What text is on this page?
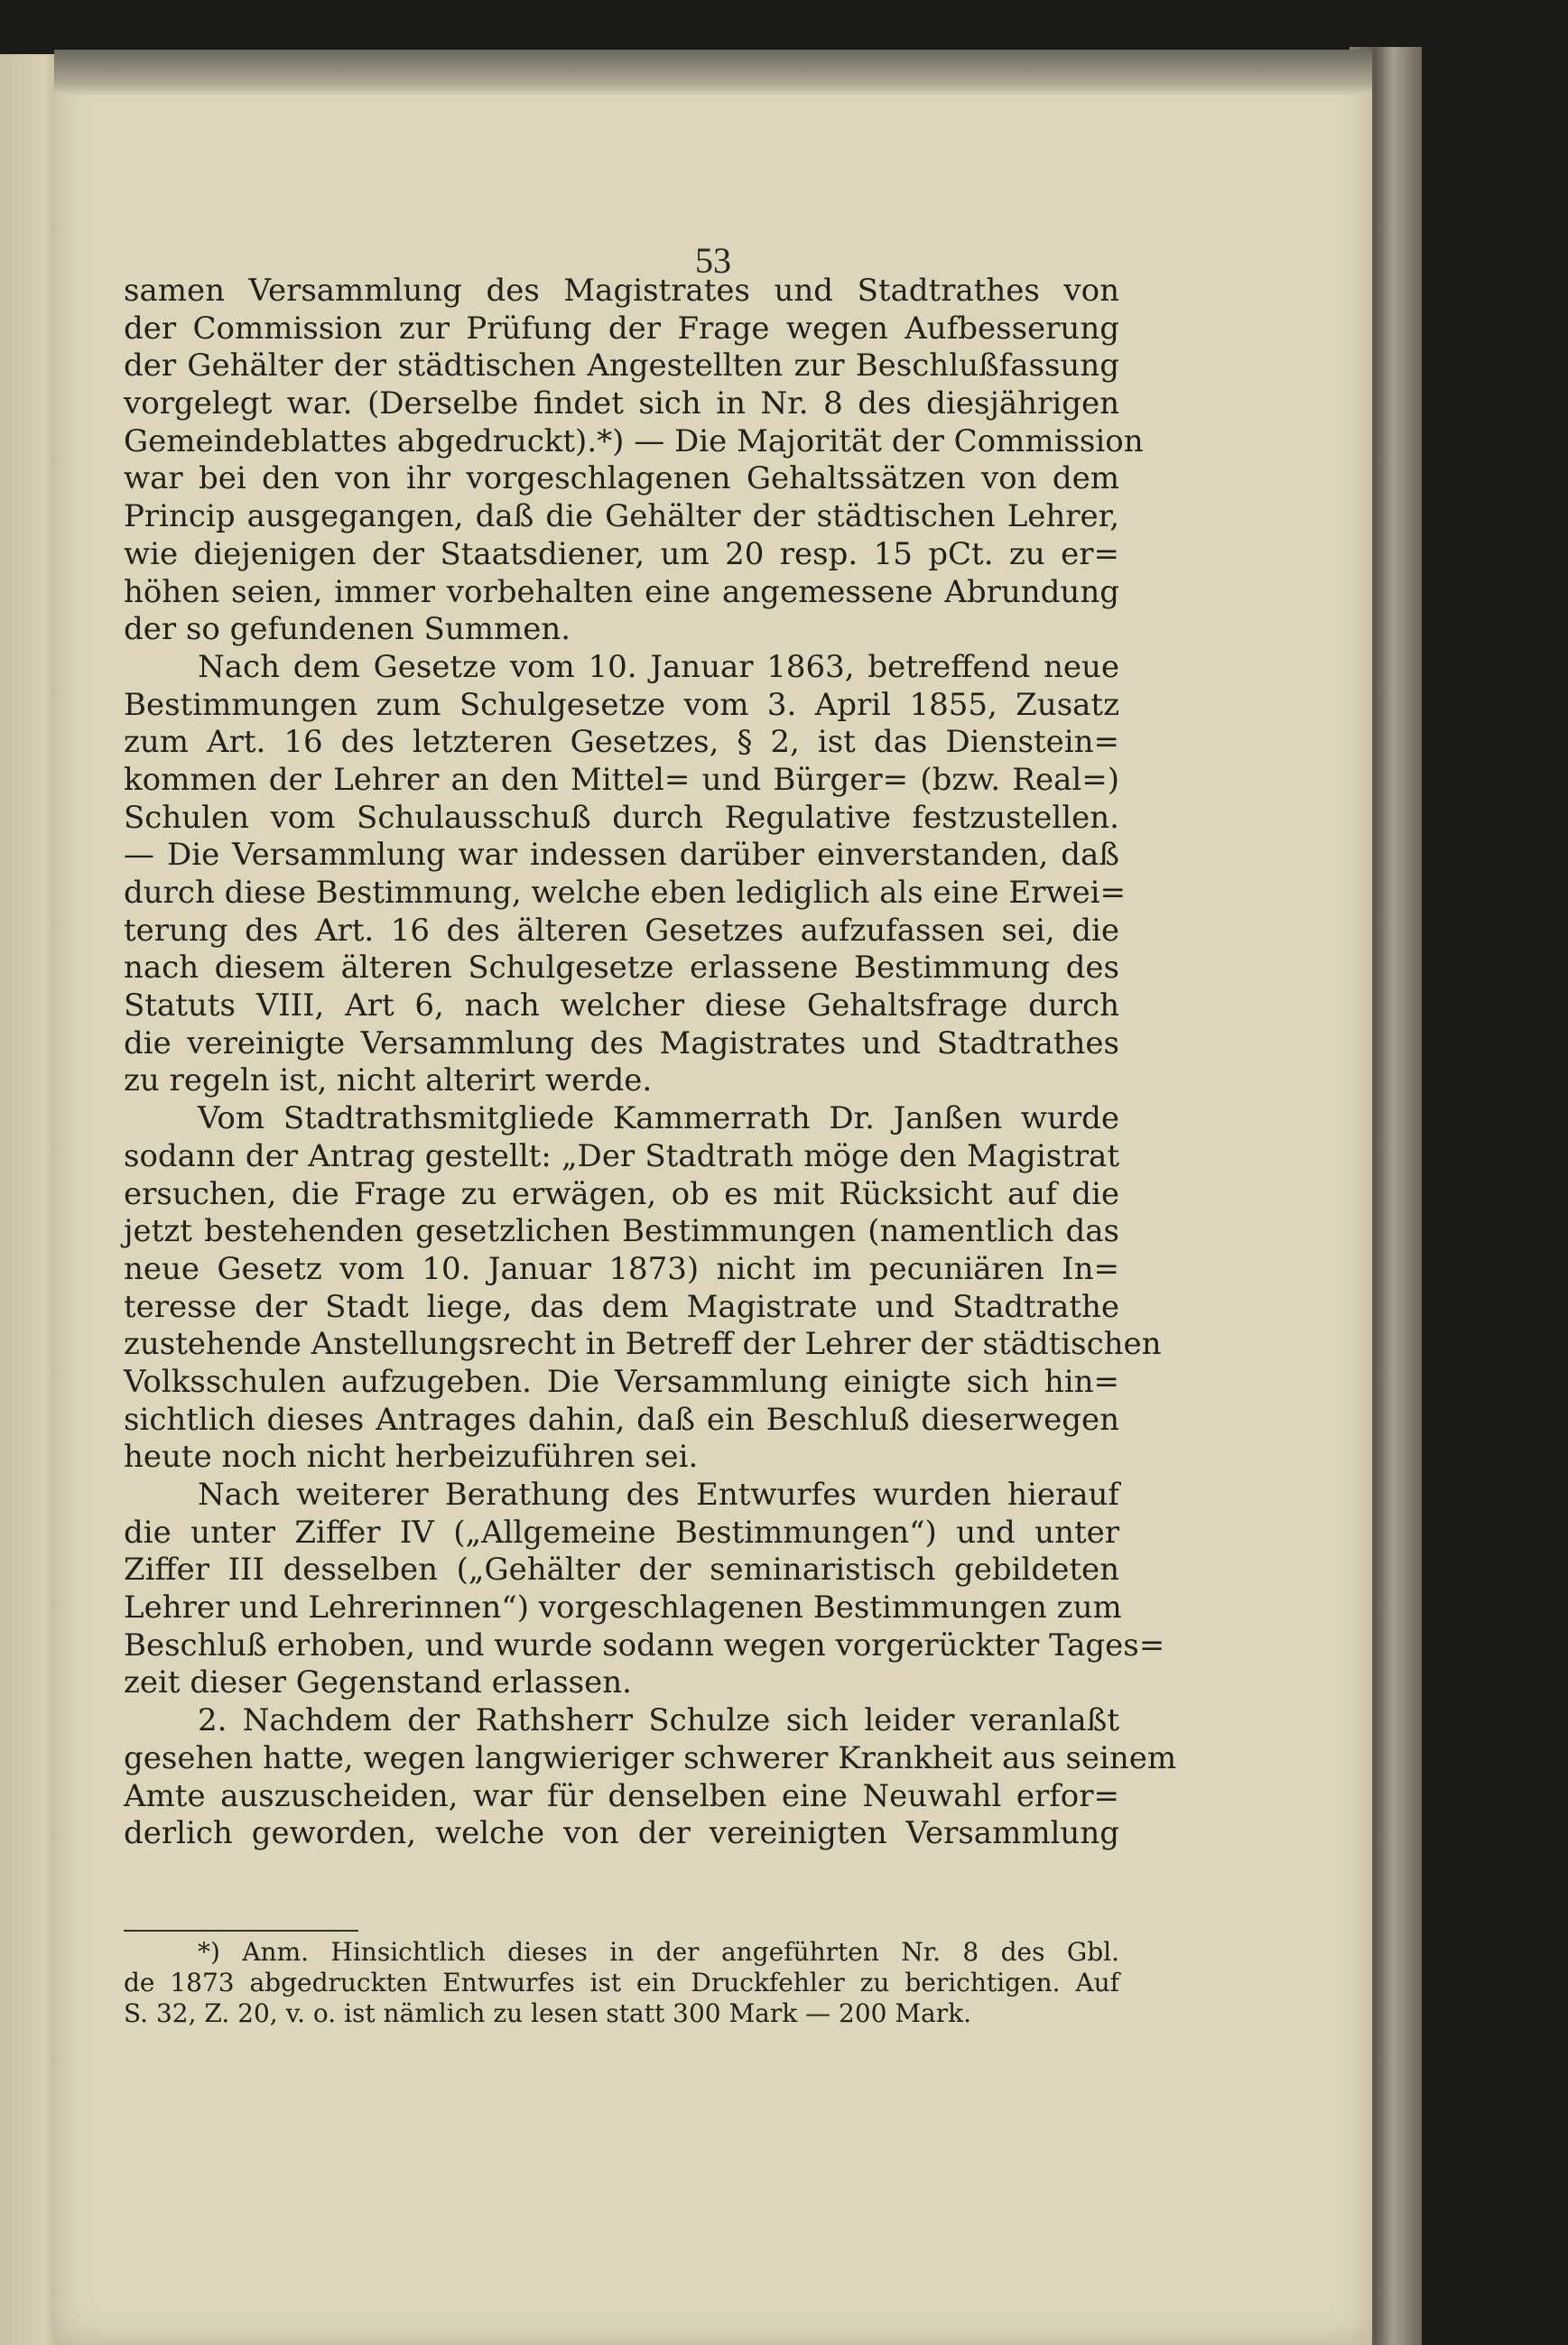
53
samen Versammlung des Magistrates und Stadtrathes von
der Commission zur Prüfung der Frage wegen Aufbesserung
der Gehälter der städtischen Angestellten zur Beschlußfassung
vorgelegt war. (Derselbe findet sich in Nr. 8 des diesjährigen
Gemeindeblattes abgedruckt).*) — Die Majorität der Commission
war bei den von ihr vorgeschlagenen Gehaltssätzen von dem
Princip ausgegangen, daß die Gehälter der städtischen Lehrer,
wie diejenigen der Staatsdiener, um 20 resp. 15 pCt. zu er=
höhen seien, immer vorbehalten eine angemessene Abrundung
der so gefundenen Summen.
Nach dem Gesetze vom 10. Januar 1863, betreffend neue
Bestimmungen zum Schulgesetze vom 3. April 1855, Zusatz
zum Art. 16 des letzteren Gesetzes, § 2, ist das Dienstein=
kommen der Lehrer an den Mittel= und Bürger= (bzw. Real=)
Schulen vom Schulausschuß durch Regulative festzustellen.
— Die Versammlung war indessen darüber einverstanden, daß
durch diese Bestimmung, welche eben lediglich als eine Erwei=
terung des Art. 16 des älteren Gesetzes aufzufassen sei, die
nach diesem älteren Schulgesetze erlassene Bestimmung des
Statuts VIII, Art 6, nach welcher diese Gehaltsfrage durch
die vereinigte Versammlung des Magistrates und Stadtrathes
zu regeln ist, nicht alterirt werde.
Vom Stadtrathsmitgliede Kammerrath Dr. Janßen wurde
sodann der Antrag gestellt: „Der Stadtrath möge den Magistrat
ersuchen, die Frage zu erwägen, ob es mit Rücksicht auf die
jetzt bestehenden gesetzlichen Bestimmungen (namentlich das
neue Gesetz vom 10. Januar 1873) nicht im pecuniären In=
teresse der Stadt liege, das dem Magistrate und Stadtrathe
zustehende Anstellungsrecht in Betreff der Lehrer der städtischen
Volksschulen aufzugeben. Die Versammlung einigte sich hin=
sichtlich dieses Antrages dahin, daß ein Beschluß dieserwegen
heute noch nicht herbeizuführen sei.
Nach weiterer Berathung des Entwurfes wurden hierauf
die unter Ziffer IV („Allgemeine Bestimmungen“) und unter
Ziffer III desselben („Gehälter der seminaristisch gebildeten
Lehrer und Lehrerinnen“) vorgeschlagenen Bestimmungen zum
Beschluß erhoben, und wurde sodann wegen vorgerückter Tages=
zeit dieser Gegenstand erlassen.
2. Nachdem der Rathsherr Schulze sich leider veranlaßt
gesehen hatte, wegen langwieriger schwerer Krankheit aus seinem
Amte auszuscheiden, war für denselben eine Neuwahl erfor=
derlich geworden, welche von der vereinigten Versammlung
*) Anm. Hinsichtlich dieses in der angeführten Nr. 8 des Gbl.
de 1873 abgedruckten Entwurfes ist ein Druckfehler zu berichtigen. Auf
S. 32, Z. 20, v. o. ist nämlich zu lesen statt 300 Mark — 200 Mark.
